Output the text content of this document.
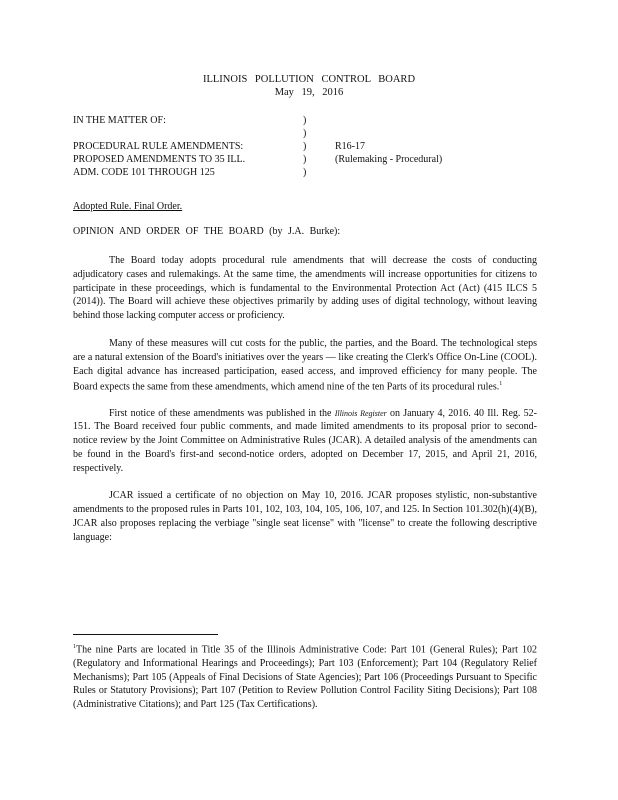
ILLINOIS POLLUTION CONTROL BOARD
May 19, 2016
IN THE MATTER OF:	)
)
PROCEDURAL RULE AMENDMENTS:	)	R16-17
PROPOSED AMENDMENTS TO 35 ILL.	)	(Rulemaking - Procedural)
ADM. CODE 101 THROUGH 125	)
Adopted Rule. Final Order.
OPINION AND ORDER OF THE BOARD (by J.A. Burke):

The Board today adopts procedural rule amendments that will decrease the costs of conducting adjudicatory cases and rulemakings. At the same time, the amendments will increase opportunities for citizens to participate in these proceedings, which is fundamental to the Environmental Protection Act (Act) (415 ILCS 5 (2014)). The Board will achieve these objectives primarily by adding uses of digital technology, without leaving behind those lacking computer access or proficiency.

Many of these measures will cut costs for the public, the parties, and the Board. The technological steps are a natural extension of the Board's initiatives over the years — like creating the Clerk's Office On-Line (COOL). Each digital advance has increased participation, eased access, and improved efficiency for many people. The Board expects the same from these amendments, which amend nine of the ten Parts of its procedural rules.$^1$

First notice of these amendments was published in the Illinois Register on January 4, 2016. 40 Ill. Reg. 52-151. The Board received four public comments, and made limited amendments to its proposal prior to second-notice review by the Joint Committee on Administrative Rules (JCAR). A detailed analysis of the amendments can be found in the Board's first-and second-notice orders, adopted on December 17, 2015, and April 21, 2016, respectively.

JCAR issued a certificate of no objection on May 10, 2016. JCAR proposes stylistic, non-substantive amendments to the proposed rules in Parts 101, 102, 103, 104, 105, 106, 107, and 125. In Section 101.302(h)(4)(B), JCAR also proposes replacing the verbiage "single seat license" with "license" to create the following descriptive language:

$^1$The nine Parts are located in Title 35 of the Illinois Administrative Code: Part 101 (General Rules); Part 102 (Regulatory and Informational Hearings and Proceedings); Part 103 (Enforcement); Part 104 (Regulatory Relief Mechanisms); Part 105 (Appeals of Final Decisions of State Agencies); Part 106 (Proceedings Pursuant to Specific Rules or Statutory Provisions); Part 107 (Petition to Review Pollution Control Facility Siting Decisions); Part 108 (Administrative Citations); and Part 125 (Tax Certifications).
